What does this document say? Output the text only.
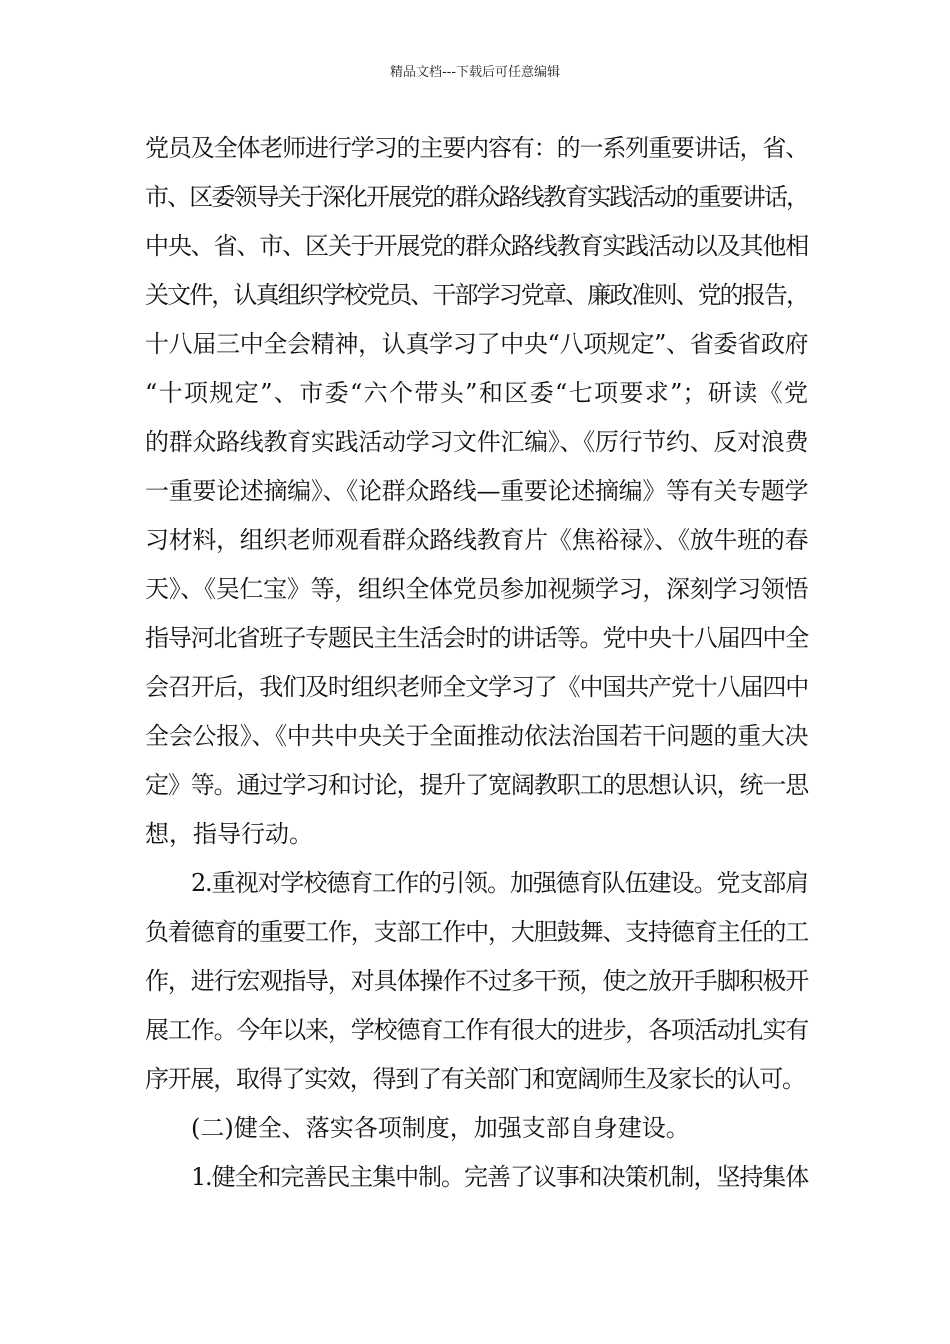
精品文档---下载后可任意编辑
党员及全体老师进行学习的主要内容有：的一系列重要讲话，省、
市、区委领导关于深化开展党的群众路线教育实践活动的重要讲话，
中央、省、市、区关于开展党的群众路线教育实践活动以及其他相
关文件，认真组织学校党员、干部学习党章、廉政准则、党的报告，
十八届三中全会精神，认真学习了中央“八项规定”、省委省政府
“十项规定”、市委“六个带头”和区委“七项要求”；研读《党
的群众路线教育实践活动学习文件汇编》、《厉行节约、反对浪费
一重要论述摘编》、《论群众路线—重要论述摘编》等有关专题学
习材料，组织老师观看群众路线教育片《焦裕禄》、《放牛班的春
天》、《吴仁宝》等，组织全体党员参加视频学习，深刻学习领悟
指导河北省班子专题民主生活会时的讲话等。党中央十八届四中全
会召开后，我们及时组织老师全文学习了《中国共产党十八届四中
全会公报》、《中共中央关于全面推动依法治国若干问题的重大决
定》等。通过学习和讨论，提升了宽阔教职工的思想认识，统一思
想，指导行动。
2.重视对学校德育工作的引领。加强德育队伍建设。党支部肩
负着德育的重要工作，支部工作中，大胆鼓舞、支持德育主任的工
作，进行宏观指导，对具体操作不过多干预，使之放开手脚积极开
展工作。今年以来，学校德育工作有很大的进步，各项活动扎实有
序开展，取得了实效，得到了有关部门和宽阔师生及家长的认可。
(二)健全、落实各项制度，加强支部自身建设。
1.健全和完善民主集中制。完善了议事和决策机制，坚持集体
